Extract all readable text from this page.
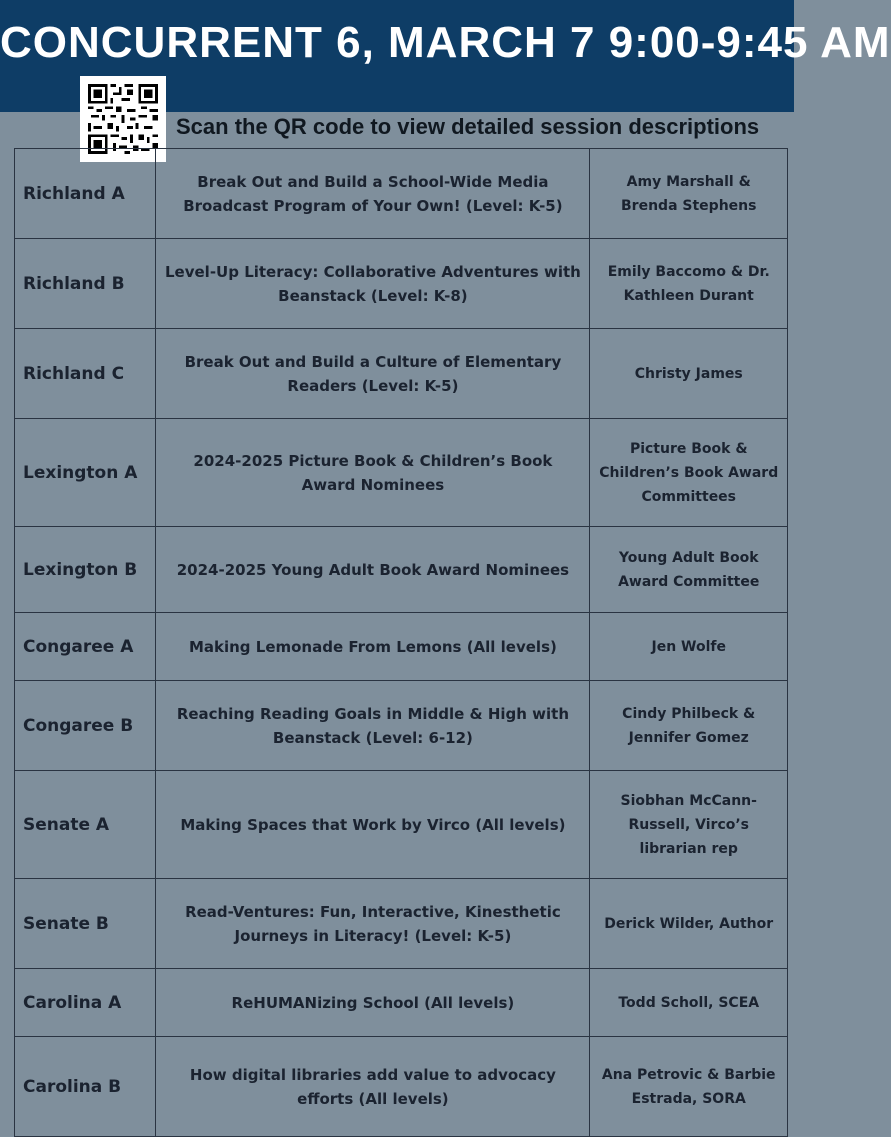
CONCURRENT 6, MARCH 7 9:00-9:45 AM
Scan the QR code to view detailed session descriptions
Richland A	Break Out and Build a School-Wide Media Broadcast Program of Your Own! (Level: K-5)	Amy Marshall & Brenda Stephens
Richland B	Level-Up Literacy: Collaborative Adventures with Beanstack (Level: K-8)	Emily Baccomo & Dr. Kathleen Durant
Richland C	Break Out and Build a Culture of Elementary Readers (Level: K-5)	Christy James
Lexington A	2024-2025 Picture Book & Children’s Book Award Nominees	Picture Book & Children’s Book Award Committees
Lexington B	2024-2025 Young Adult Book Award Nominees	Young Adult Book Award Committee
Congaree A	Making Lemonade From Lemons (All levels)	Jen Wolfe
Congaree B	Reaching Reading Goals in Middle & High with Beanstack (Level: 6-12)	Cindy Philbeck & Jennifer Gomez
Senate A	Making Spaces that Work by Virco (All levels)	Siobhan McCann-Russell, Virco’s librarian rep
Senate B	Read-Ventures: Fun, Interactive, Kinesthetic Journeys in Literacy! (Level: K-5)	Derick Wilder, Author
Carolina A	ReHUMANizing School (All levels)	Todd Scholl, SCEA
Carolina B	How digital libraries add value to advocacy efforts (All levels)	Ana Petrovic & Barbie Estrada, SORA
